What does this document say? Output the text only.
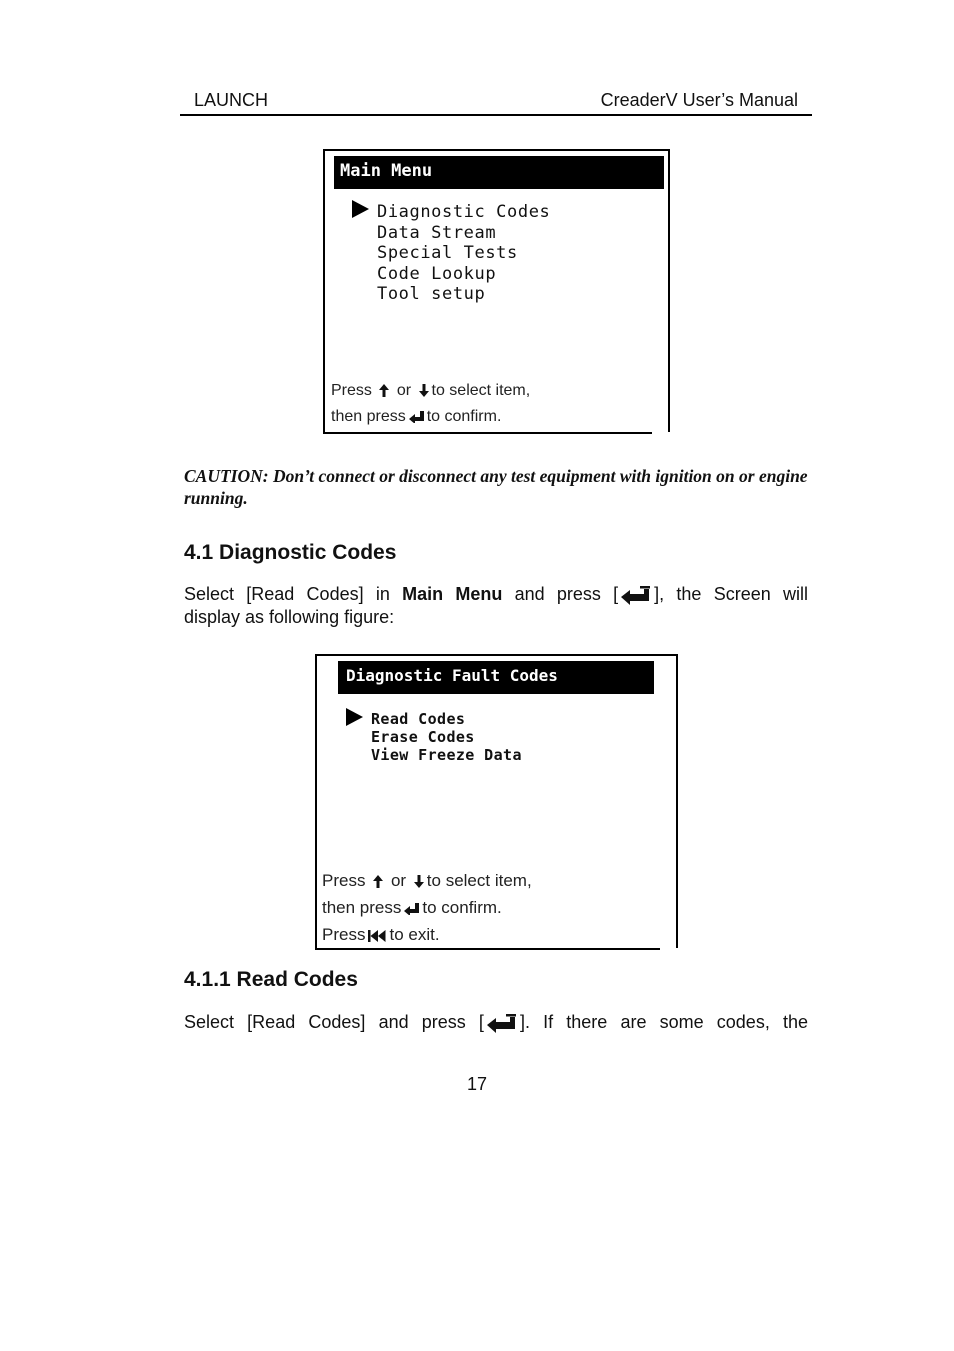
LAUNCH	CreaderV User’s Manual
Main Menu
Diagnostic Codes
Data Stream
Special Tests
Code Lookup
Tool setup
Press or to select item,
then press to confirm.
CAUTION: Don’t connect or disconnect any test equipment with ignition on or engine running.
4.1 Diagnostic Codes
Select [Read Codes] in Main Menu and press [ ], the Screen will
display as following figure:
Diagnostic Fault Codes
Read Codes
Erase Codes
View Freeze Data
Press or to select item,
then press to confirm.
Press to exit.
4.1.1 Read Codes
Select [Read Codes] and press [ ]. If there are some codes, the
17
